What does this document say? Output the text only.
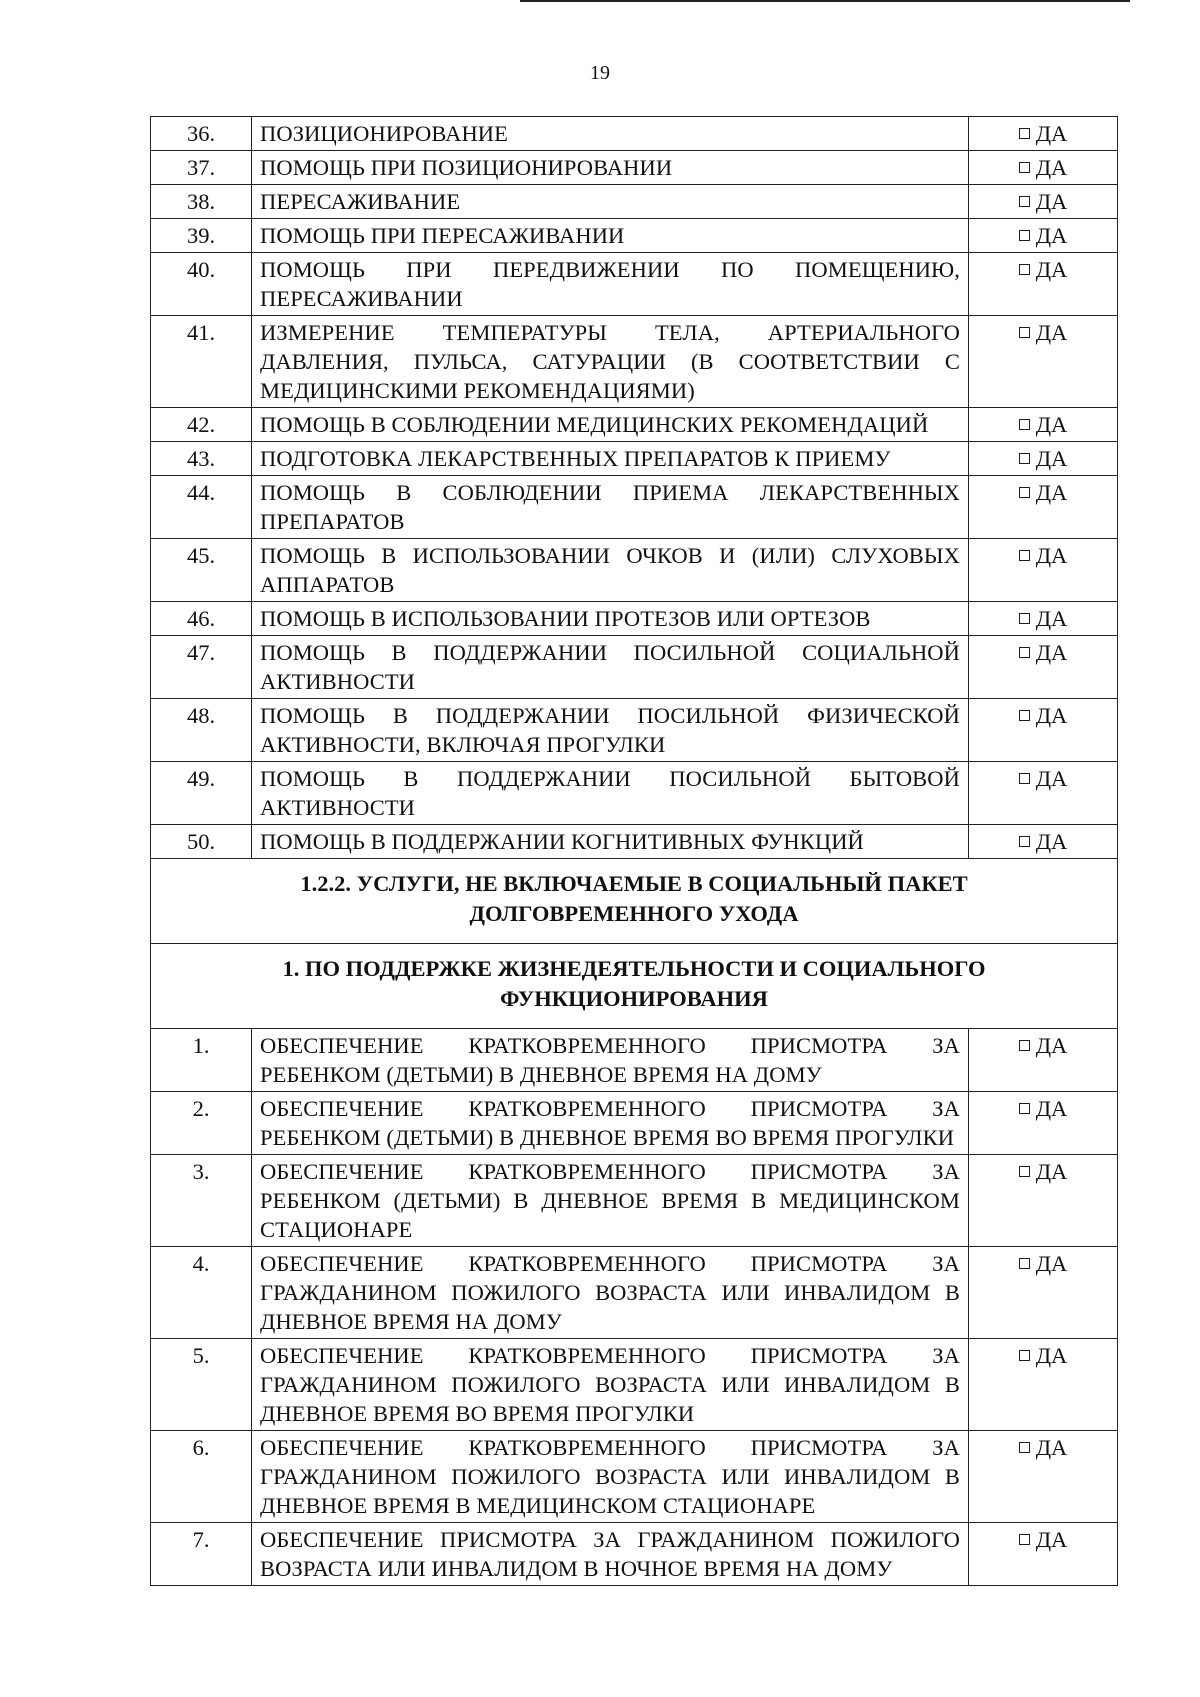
19
36.	ПОЗИЦИОНИРОВАНИЕ	ДА
37.	ПОМОЩЬ ПРИ ПОЗИЦИОНИРОВАНИИ	ДА
38.	ПЕРЕСАЖИВАНИЕ	ДА
39.	ПОМОЩЬ ПРИ ПЕРЕСАЖИВАНИИ	ДА
40.	ПОМОЩЬ ПРИ ПЕРЕДВИЖЕНИИ ПО ПОМЕЩЕНИЮ, ПЕРЕСАЖИВАНИИ	ДА
41.	ИЗМЕРЕНИЕ ТЕМПЕРАТУРЫ ТЕЛА, АРТЕРИАЛЬНОГО ДАВЛЕНИЯ, ПУЛЬСА, САТУРАЦИИ (В СООТВЕТСТВИИ С МЕДИЦИНСКИМИ РЕКОМЕНДАЦИЯМИ)	ДА
42.	ПОМОЩЬ В СОБЛЮДЕНИИ МЕДИЦИНСКИХ РЕКОМЕНДАЦИЙ	ДА
43.	ПОДГОТОВКА ЛЕКАРСТВЕННЫХ ПРЕПАРАТОВ К ПРИЕМУ	ДА
44.	ПОМОЩЬ В СОБЛЮДЕНИИ ПРИЕМА ЛЕКАРСТВЕННЫХ ПРЕПАРАТОВ	ДА
45.	ПОМОЩЬ В ИСПОЛЬЗОВАНИИ ОЧКОВ И (ИЛИ) СЛУХОВЫХ АППАРАТОВ	ДА
46.	ПОМОЩЬ В ИСПОЛЬЗОВАНИИ ПРОТЕЗОВ ИЛИ ОРТЕЗОВ	ДА
47.	ПОМОЩЬ В ПОДДЕРЖАНИИ ПОСИЛЬНОЙ СОЦИАЛЬНОЙ АКТИВНОСТИ	ДА
48.	ПОМОЩЬ В ПОДДЕРЖАНИИ ПОСИЛЬНОЙ ФИЗИЧЕСКОЙ АКТИВНОСТИ, ВКЛЮЧАЯ ПРОГУЛКИ	ДА
49.	ПОМОЩЬ В ПОДДЕРЖАНИИ ПОСИЛЬНОЙ БЫТОВОЙ АКТИВНОСТИ	ДА
50.	ПОМОЩЬ В ПОДДЕРЖАНИИ КОГНИТИВНЫХ ФУНКЦИЙ	ДА
1.2.2. УСЛУГИ, НЕ ВКЛЮЧАЕМЫЕ В СОЦИАЛЬНЫЙ ПАКЕТ ДОЛГОВРЕМЕННОГО УХОДА		
1. ПО ПОДДЕРЖКЕ ЖИЗНЕДЕЯТЕЛЬНОСТИ И СОЦИАЛЬНОГО ФУНКЦИОНИРОВАНИЯ		
1.	ОБЕСПЕЧЕНИЕ КРАТКОВРЕМЕННОГО ПРИСМОТРА ЗА РЕБЕНКОМ (ДЕТЬМИ) В ДНЕВНОЕ ВРЕМЯ НА ДОМУ	ДА
2.	ОБЕСПЕЧЕНИЕ КРАТКОВРЕМЕННОГО ПРИСМОТРА ЗА РЕБЕНКОМ (ДЕТЬМИ) В ДНЕВНОЕ ВРЕМЯ ВО ВРЕМЯ ПРОГУЛКИ	ДА
3.	ОБЕСПЕЧЕНИЕ КРАТКОВРЕМЕННОГО ПРИСМОТРА ЗА РЕБЕНКОМ (ДЕТЬМИ) В ДНЕВНОЕ ВРЕМЯ В МЕДИЦИНСКОМ СТАЦИОНАРЕ	ДА
4.	ОБЕСПЕЧЕНИЕ КРАТКОВРЕМЕННОГО ПРИСМОТРА ЗА ГРАЖДАНИНОМ ПОЖИЛОГО ВОЗРАСТА ИЛИ ИНВАЛИДОМ В ДНЕВНОЕ ВРЕМЯ НА ДОМУ	ДА
5.	ОБЕСПЕЧЕНИЕ КРАТКОВРЕМЕННОГО ПРИСМОТРА ЗА ГРАЖДАНИНОМ ПОЖИЛОГО ВОЗРАСТА ИЛИ ИНВАЛИДОМ В ДНЕВНОЕ ВРЕМЯ ВО ВРЕМЯ ПРОГУЛКИ	ДА
6.	ОБЕСПЕЧЕНИЕ КРАТКОВРЕМЕННОГО ПРИСМОТРА ЗА ГРАЖДАНИНОМ ПОЖИЛОГО ВОЗРАСТА ИЛИ ИНВАЛИДОМ В ДНЕВНОЕ ВРЕМЯ В МЕДИЦИНСКОМ СТАЦИОНАРЕ	ДА
7.	ОБЕСПЕЧЕНИЕ ПРИСМОТРА ЗА ГРАЖДАНИНОМ ПОЖИЛОГО ВОЗРАСТА ИЛИ ИНВАЛИДОМ В НОЧНОЕ ВРЕМЯ НА ДОМУ	ДА
